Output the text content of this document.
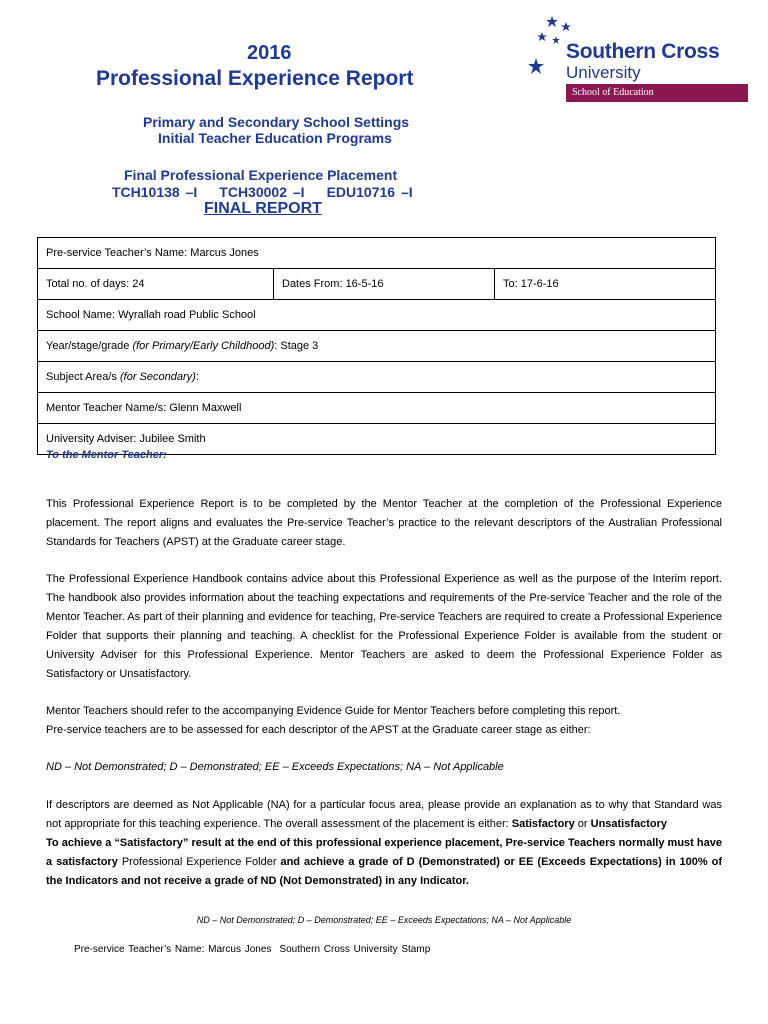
2016
Professional Experience Report
Primary and Secondary School Settings
Initial Teacher Education Programs
Final Professional Experience Placement
TCH10138 –I TCH30002 –I EDU10716 –I
FINAL REPORT
Southern Cross
University
School of Education
Pre-service Teacher’s Name: Marcus Jones
Total no. of days: 24	Dates From: 16-5-16	To: 17-6-16
School Name: Wyrallah road Public School
Year/stage/grade (for Primary/Early Childhood): Stage 3
Subject Area/s (for Secondary):
Mentor Teacher Name/s: Glenn Maxwell
University Adviser: Jubilee Smith
To the Mentor Teacher:
This Professional Experience Report is to be completed by the Mentor Teacher at the completion of the Professional Experience placement. The report aligns and evaluates the Pre-service Teacher’s practice to the relevant descriptors of the Australian Professional Standards for Teachers (APST) at the Graduate career stage.
The Professional Experience Handbook contains advice about this Professional Experience as well as the purpose of the Interim report. The handbook also provides information about the teaching expectations and requirements of the Pre-service Teacher and the role of the Mentor Teacher. As part of their planning and evidence for teaching, Pre-service Teachers are required to create a Professional Experience Folder that supports their planning and teaching. A checklist for the Professional Experience Folder is available from the student or University Adviser for this Professional Experience. Mentor Teachers are asked to deem the Professional Experience Folder as Satisfactory or Unsatisfactory.
Mentor Teachers should refer to the accompanying Evidence Guide for Mentor Teachers before completing this report.
Pre-service teachers are to be assessed for each descriptor of the APST at the Graduate career stage as either:
ND – Not Demonstrated; D – Demonstrated; EE – Exceeds Expectations; NA – Not Applicable
If descriptors are deemed as Not Applicable (NA) for a particular focus area, please provide an explanation as to why that Standard was not appropriate for this teaching experience. The overall assessment of the placement is either: Satisfactory or Unsatisfactory
To achieve a “Satisfactory” result at the end of this professional experience placement, Pre-service Teachers normally must have a satisfactory Professional Experience Folder and achieve a grade of D (Demonstrated) or EE (Exceeds Expectations) in 100% of the Indicators and not receive a grade of ND (Not Demonstrated) in any Indicator.
ND – Not Demonstrated; D – Demonstrated; EE – Exceeds Expectations; NA – Not Applicable
Pre-service Teacher’s Name: Marcus Jones Southern Cross University Stamp
